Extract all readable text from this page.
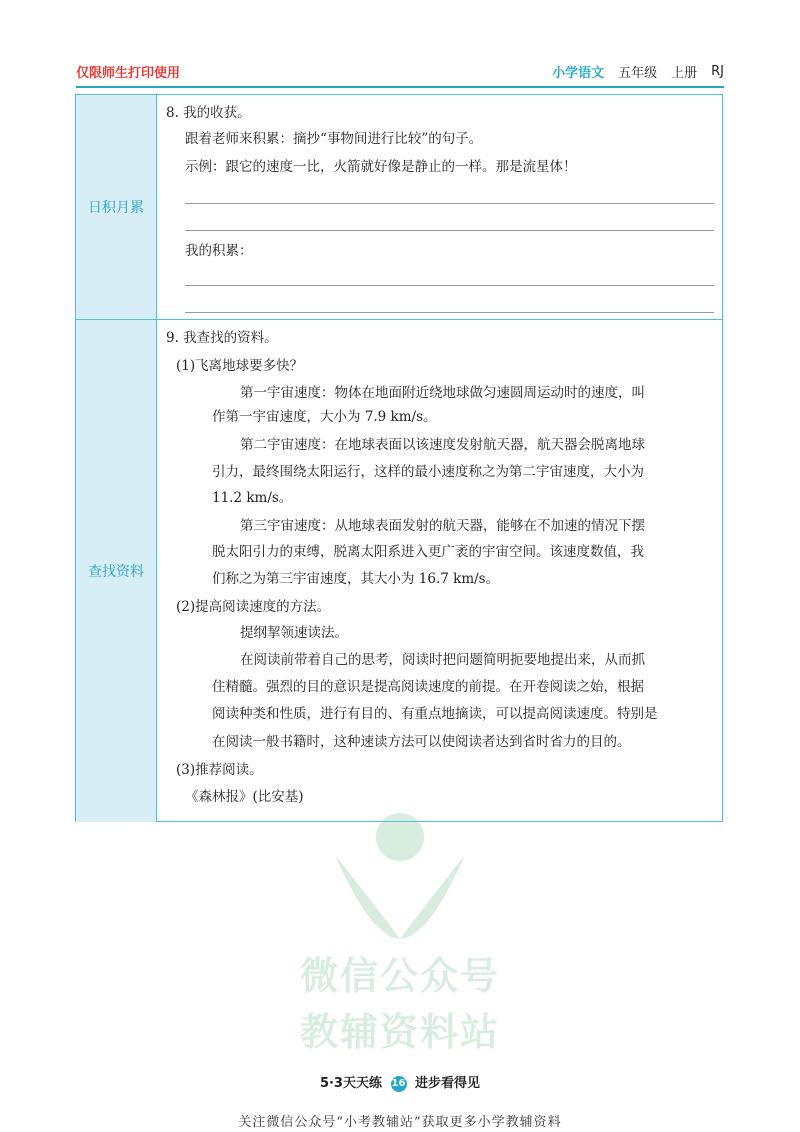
仅限师生打印使用	小学语文 五年级 上册 RJ
微信公众号
教辅资料站
日积月累
8. 我的收获。
跟着老师来积累：摘抄“事物间进行比较”的句子。
示例：跟它的速度一比，火箭就好像是静止的一样。那是流星体！
我的积累：
查找资料
9. 我查找的资料。
(1)飞离地球要多快？
第一宇宙速度：物体在地面附近绕地球做匀速圆周运动时的速度，叫
作第一宇宙速度，大小为 7.9 km/s。
第二宇宙速度：在地球表面以该速度发射航天器，航天器会脱离地球
引力，最终围绕太阳运行，这样的最小速度称之为第二宇宙速度，大小为
11.2 km/s。
第三宇宙速度：从地球表面发射的航天器，能够在不加速的情况下摆
脱太阳引力的束缚，脱离太阳系进入更广袤的宇宙空间。该速度数值，我
们称之为第三宇宙速度，其大小为 16.7 km/s。
(2)提高阅读速度的方法。
提纲挈领速读法。
在阅读前带着自己的思考，阅读时把问题简明扼要地提出来，从而抓
住精髓。强烈的目的意识是提高阅读速度的前提。在开卷阅读之始，根据
阅读种类和性质，进行有目的、有重点地摘读，可以提高阅读速度。特别是
在阅读一般书籍时，这种速读方法可以使阅读者达到省时省力的目的。
(3)推荐阅读。
《森林报》(比安基)
5·3天天练 16 进步看得见
关注微信公众号“小考教辅站”获取更多小学教辅资料
